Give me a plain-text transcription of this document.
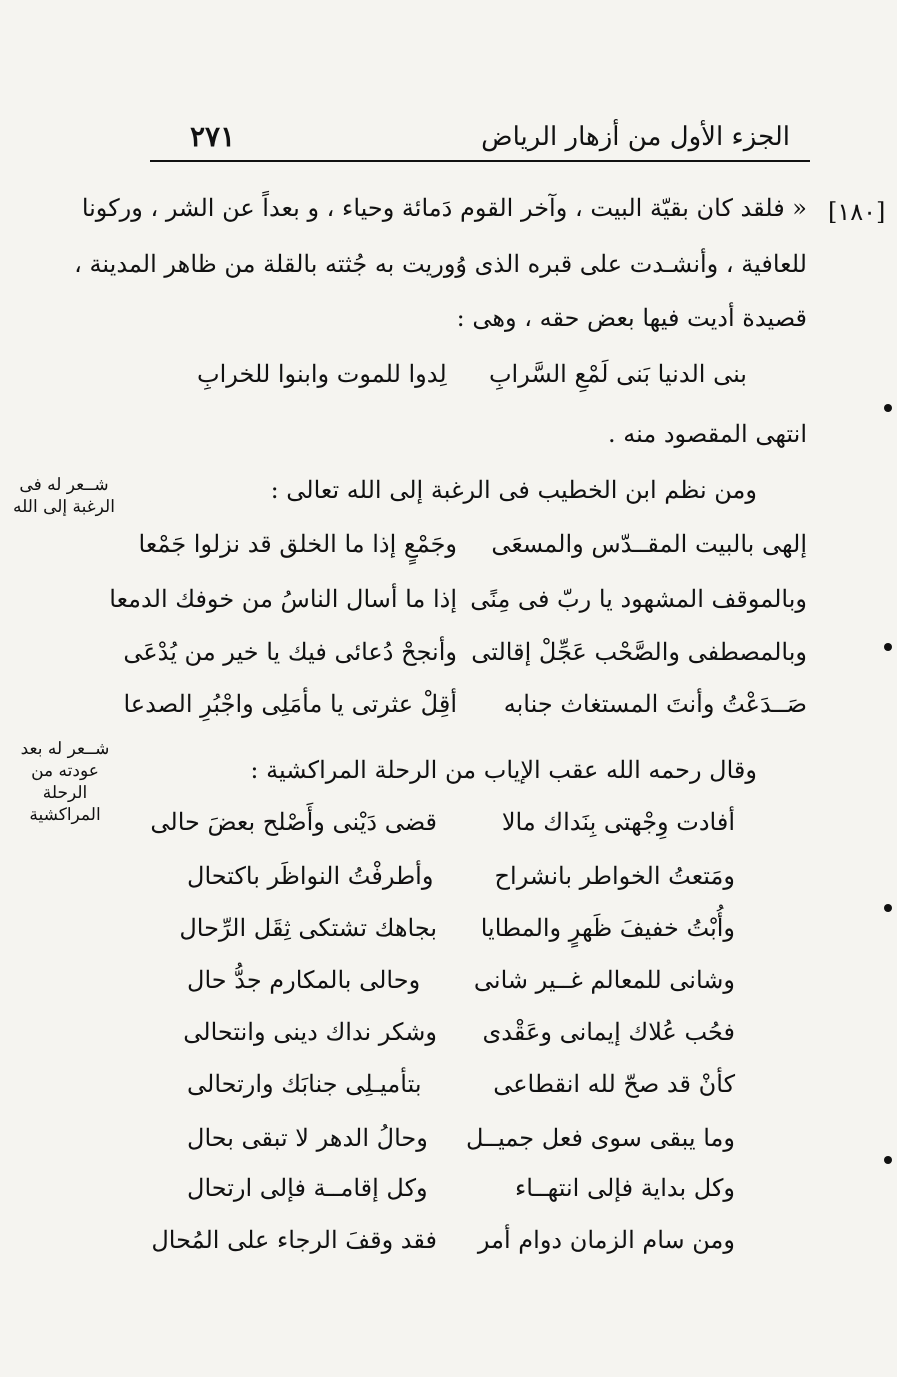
الجزء الأول من أزهار الرياض
٢٧١
[١٨٠]
« فلقد كان بقيّة البيت ، وآخر القوم دَمائة وحياء ، و بعداً عن الشر ، وركونا
للعافية ، وأنشـدت على قبره الذى وُوريت به جُثته بالقلة من ظاهر المدينة ،
قصيدة أديت فيها بعض حقه ، وهى :
بنى الدنيا بَنى لَمْعِ السَّرابِ
لِدوا للموت وابنوا للخرابِ
انتهى المقصود منه .
ومن نظم ابن الخطيب فى الرغبة إلى الله تعالى :
إلهى بالبيت المقــدّس والمسعَى
وجَمْعٍ إذا ما الخلق قد نزلوا جَمْعا
وبالموقف المشهود يا ربّ فى مِنًى
إذا ما أسال الناسُ من خوفك الدمعا
وبالمصطفى والصَّحْب عَجِّلْ إقالتى
وأنجحْ دُعائى فيك يا خير من يُدْعَى
صَــدَعْتُ وأنتَ المستغاث جنابه
أقِلْ عثرتى يا مأمَلِى واجْبُرِ الصدعا
وقال رحمه الله عقب الإياب من الرحلة المراكشية :
أفادت وِجْهتى بِنَداك مالا
قضى دَيْنى وأَصْلح بعضَ حالى
ومَتعتُ الخواطر بانشراح
وأطرفْتُ النواظَر باكتحال
وأُبْتُ خفيفَ ظَهرٍ والمطايا
بجاهك تشتكى ثِقَل الرِّحال
وشانى للمعالم غــير شانى
وحالى بالمكارم جدُّ حال
فحُب عُلاك إيمانى وعَقْدى
وشكر نداك دينى وانتحالى
كأنْ قد صحّ لله انقطاعى
بتأميـلِى جنابَك وارتحالى
وما يبقى سوى فعل جميــل
وحالُ الدهر لا تبقى بحال
وكل بداية فإلى انتهــاء
وكل إقامــة فإلى ارتحال
ومن سام الزمان دوام أمر
فقد وقفَ الرجاء على المُحال
شــعر له فى الرغبة إلى الله
شــعر له بعد عودته من الرحلة المراكشية
